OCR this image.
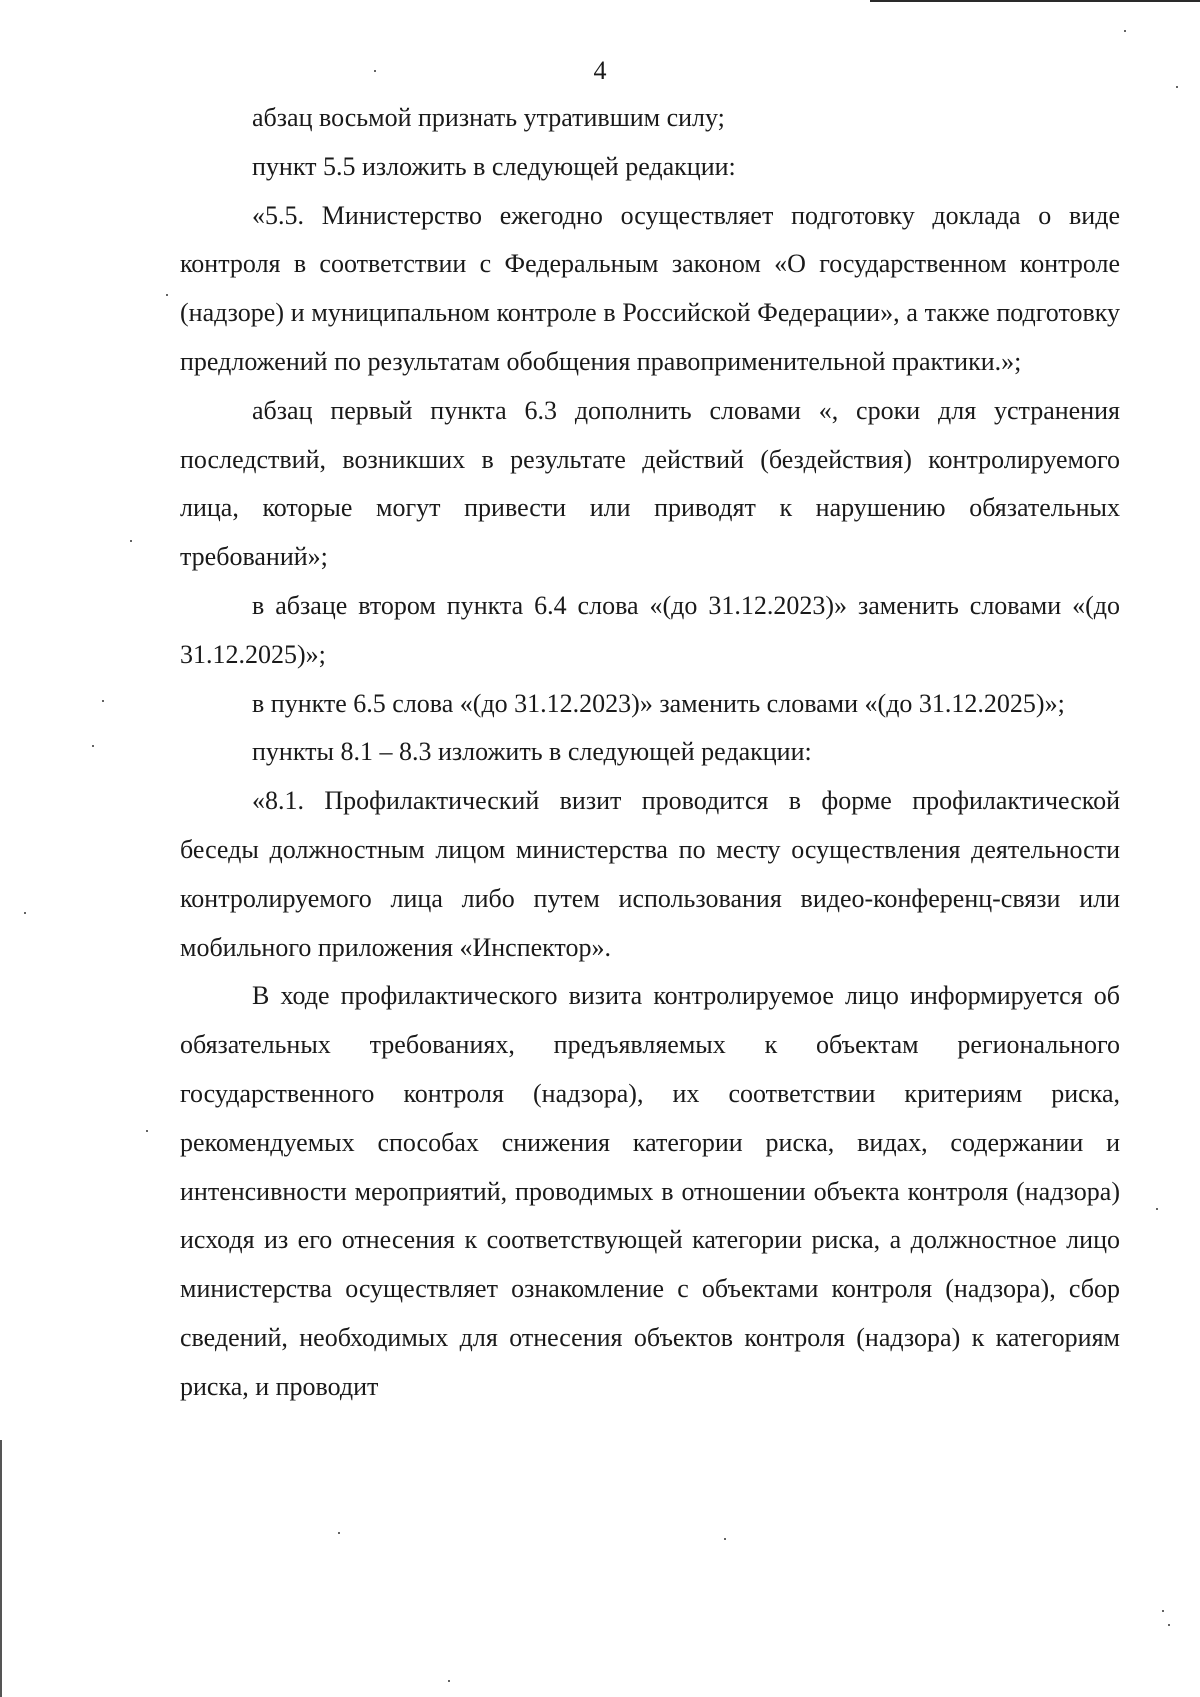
4

абзац восьмой признать утратившим силу;

пункт 5.5 изложить в следующей редакции:

«5.5. Министерство ежегодно осуществляет подготовку доклада о виде контроля в соответствии с Федеральным законом «О государственном контроле (надзоре) и муниципальном контроле в Российской Федерации», а также подготовку предложений по результатам обобщения правоприменительной практики.»;

абзац первый пункта 6.3 дополнить словами «, сроки для устранения последствий, возникших в результате действий (бездействия) контролируемого лица, которые могут привести или приводят к нарушению обязательных требований»;

в абзаце втором пункта 6.4 слова «(до 31.12.2023)» заменить словами «(до 31.12.2025)»;

в пункте 6.5 слова «(до 31.12.2023)» заменить словами «(до 31.12.2025)»;

пункты 8.1 – 8.3 изложить в следующей редакции:

«8.1. Профилактический визит проводится в форме профилактической беседы должностным лицом министерства по месту осуществления деятельности контролируемого лица либо путем использования видео-конференц-связи или мобильного приложения «Инспектор».

В ходе профилактического визита контролируемое лицо информируется об обязательных требованиях, предъявляемых к объектам регионального государственного контроля (надзора), их соответствии критериям риска, рекомендуемых способах снижения категории риска, видах, содержании и интенсивности мероприятий, проводимых в отношении объекта контроля (надзора) исходя из его отнесения к соответствующей категории риска, а должностное лицо министерства осуществляет ознакомление с объектами контроля (надзора), сбор сведений, необходимых для отнесения объектов контроля (надзора) к категориям риска, и проводит
